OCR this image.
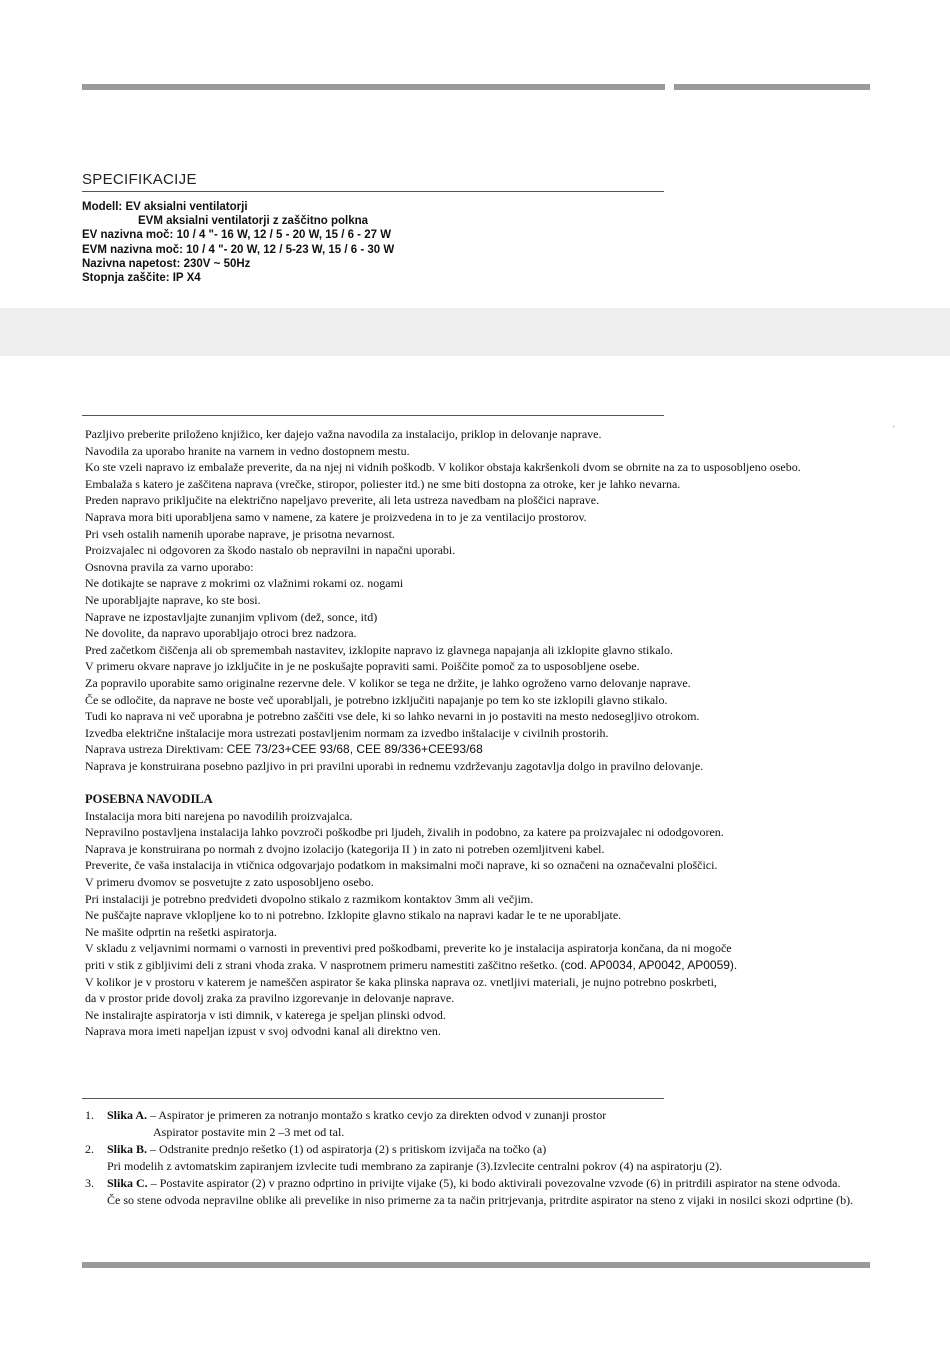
'
SPECIFIKACIJE
Modell: EV aksialni ventilatorji
EVM aksialni ventilatorji z zaščitno polkna
EV nazivna moč: 10 / 4 "- 16 W, 12 / 5 - 20 W, 15 / 6 - 27 W
EVM nazivna moč: 10 / 4 "- 20 W, 12 / 5-23 W, 15 / 6 - 30 W
Nazivna napetost: 230V ~ 50Hz
Stopnja zaščite: IP X4
Pazljivo preberite priloženo knjižico, ker dajejo važna navodila za instalacijo, priklop in delovanje naprave.
Navodila za uporabo hranite na varnem in vedno dostopnem mestu.
Ko ste vzeli napravo iz embalaže preverite, da na njej ni vidnih poškodb. V kolikor obstaja kakršenkoli dvom se obrnite na za to usposobljeno osebo.
Embalaža s katero je zaščitena naprava (vrečke, stiropor, poliester itd.) ne sme biti dostopna za otroke, ker je lahko nevarna.
Preden napravo priključite na električno napeljavo preverite, ali leta ustreza navedbam na ploščici naprave.
Naprava mora biti uporabljena samo v namene, za katere je proizvedena in to je za ventilacijo prostorov.
Pri vseh ostalih namenih uporabe naprave, je prisotna nevarnost.
Proizvajalec ni odgovoren za škodo nastalo ob nepravilni in napačni uporabi.
Osnovna pravila za varno uporabo:
Ne dotikajte se naprave z mokrimi oz vlažnimi rokami oz. nogami
Ne uporabljajte naprave, ko ste bosi.
Naprave ne izpostavljajte zunanjim vplivom (dež, sonce, itd)
Ne dovolite, da napravo uporabljajo otroci brez nadzora.
Pred začetkom čiščenja ali ob spremembah nastavitev, izklopite napravo iz glavnega napajanja ali izklopite glavno stikalo.
V primeru okvare naprave jo izključite in je ne poskušajte popraviti sami. Poiščite pomoč za to usposobljene osebe.
Za popravilo uporabite samo originalne rezervne dele. V kolikor se tega ne držite, je lahko ogroženo varno delovanje naprave.
Če se odločite, da naprave ne boste več uporabljali, je potrebno izključiti napajanje po tem ko ste izklopili glavno stikalo.
Tudi ko naprava ni več uporabna je potrebno zaščiti vse dele, ki so lahko nevarni in jo postaviti na mesto nedosegljivo otrokom.
Izvedba električne inštalacije mora ustrezati postavljenim normam za izvedbo inštalacije v civilnih prostorih.
Naprava ustreza Direktivam: CEE 73/23+CEE 93/68, CEE 89/336+CEE93/68
Naprava je konstruirana posebno pazljivo in pri pravilni uporabi in rednemu vzdrževanju zagotavlja dolgo in pravilno delovanje.
POSEBNA NAVODILA
Instalacija mora biti narejena po navodilih proizvajalca.
Nepravilno postavljena instalacija lahko povzroči poškodbe pri ljudeh, živalih in podobno, za katere pa proizvajalec ni ododgovoren.
Naprava je konstruirana po normah z dvojno izolacijo (kategorija II ) in zato ni potreben ozemljitveni kabel.
Preverite, če vaša instalacija in vtičnica odgovarjajo podatkom in maksimalni moči naprave, ki so označeni na označevalni ploščici.
V primeru dvomov se posvetujte z zato usposobljeno osebo.
Pri instalaciji je potrebno predvideti dvopolno stikalo z razmikom kontaktov 3mm ali večjim.
Ne puščajte naprave vklopljene ko to ni potrebno. Izklopite glavno stikalo na napravi kadar le te ne uporabljate.
Ne mašite odprtin na rešetki aspiratorja.
V skladu z veljavnimi normami o varnosti in preventivi pred poškodbami, preverite ko je instalacija aspiratorja končana, da ni mogoče
priti v stik z gibljivimi deli z strani vhoda zraka. V nasprotnem primeru namestiti zaščitno rešetko. (cod. AP0034, AP0042, AP0059).
V kolikor je v prostoru v katerem je nameščen aspirator še kaka plinska naprava oz. vnetljivi materiali, je nujno potrebno poskrbeti,
da v prostor pride dovolj zraka za pravilno izgorevanje in delovanje naprave.
Ne instalirajte aspiratorja v isti dimnik, v katerega je speljan plinski odvod.
Naprava mora imeti napeljan izpust v svoj odvodni kanal ali direktno ven.
1.	Slika A. – Aspirator je primeren za notranjo montažo s kratko cevjo za direkten odvod v zunanji prostor
Aspirator postavite min 2 –3 met od tal.
2.	Slika B. – Odstranite prednjo rešetko (1) od aspiratorja (2) s pritiskom izvijača na točko (a)
Pri modelih z avtomatskim zapiranjem izvlecite tudi membrano za zapiranje (3).Izvlecite centralni pokrov (4) na aspiratorju (2).
3.	Slika C. – Postavite aspirator (2) v prazno odprtino in privijte vijake (5), ki bodo aktivirali povezovalne vzvode (6) in pritrdili aspirator na stene odvoda.
Če so stene odvoda nepravilne oblike ali prevelike in niso primerne za ta način pritrjevanja, pritrdite aspirator na steno z vijaki in nosilci skozi odprtine (b).
